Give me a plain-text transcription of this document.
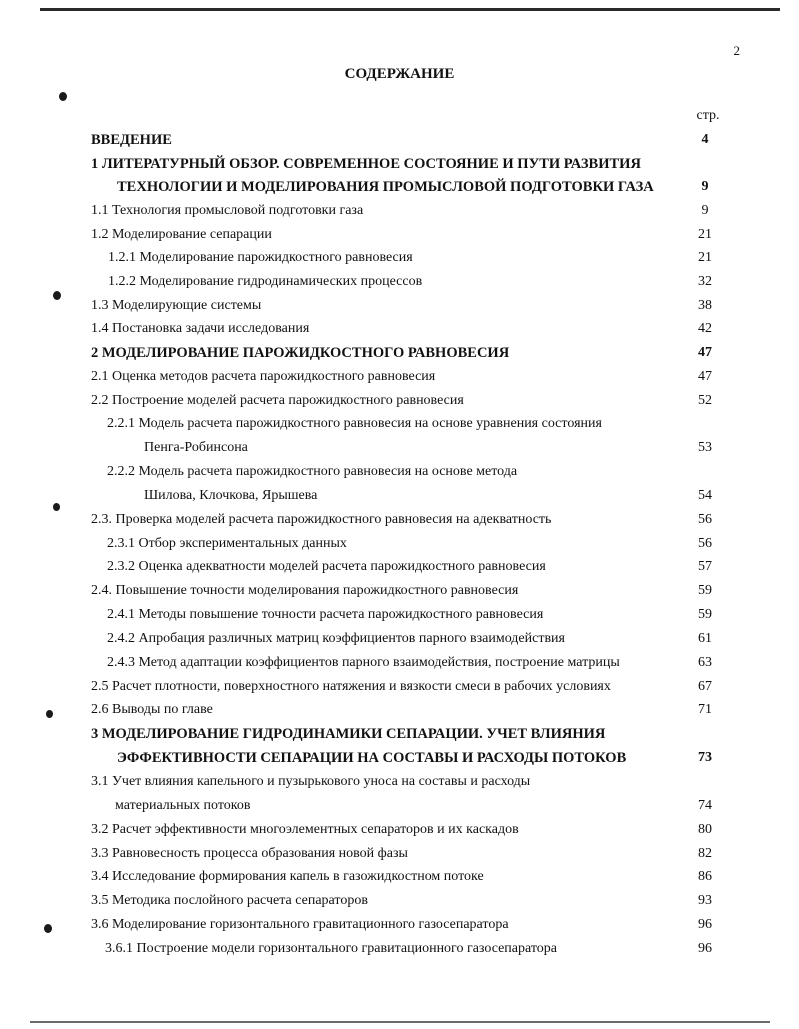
2
СОДЕРЖАНИЕ
стр.
ВВЕДЕНИЕ	4
1 ЛИТЕРАТУРНЫЙ ОБЗОР. СОВРЕМЕННОЕ СОСТОЯНИЕ И ПУТИ РАЗВИТИЯ
ТЕХНОЛОГИИ И МОДЕЛИРОВАНИЯ ПРОМЫСЛОВОЙ ПОДГОТОВКИ ГАЗА	9
1.1 Технология промысловой подготовки газа	9
1.2 Моделирование сепарации	21
1.2.1 Моделирование парожидкостного равновесия	21
1.2.2 Моделирование гидродинамических процессов	32
1.3 Моделирующие системы	38
1.4 Постановка задачи исследования	42
2 МОДЕЛИРОВАНИЕ ПАРОЖИДКОСТНОГО РАВНОВЕСИЯ	47
2.1 Оценка методов расчета парожидкостного равновесия	47
2.2 Построение моделей расчета парожидкостного равновесия	52
2.2.1 Модель расчета парожидкостного равновесия на основе уравнения состояния
Пенга-Робинсона	53
2.2.2 Модель расчета парожидкостного равновесия на основе метода
Шилова, Клочкова, Ярышева	54
2.3. Проверка моделей расчета парожидкостного равновесия на адекватность	56
2.3.1 Отбор экспериментальных данных	56
2.3.2 Оценка адекватности моделей расчета парожидкостного равновесия	57
2.4. Повышение точности моделирования парожидкостного равновесия	59
2.4.1 Методы повышение точности расчета парожидкостного равновесия	59
2.4.2 Апробация различных матриц коэффициентов парного взаимодействия	61
2.4.3 Метод адаптации коэффициентов парного взаимодействия, построение матрицы	63
2.5 Расчет плотности, поверхностного натяжения и вязкости смеси в рабочих условиях	67
2.6 Выводы по главе	71
3 МОДЕЛИРОВАНИЕ ГИДРОДИНАМИКИ СЕПАРАЦИИ. УЧЕТ ВЛИЯНИЯ
ЭФФЕКТИВНОСТИ СЕПАРАЦИИ НА СОСТАВЫ И РАСХОДЫ ПОТОКОВ	73
3.1 Учет влияния капельного и пузырькового уноса на составы и расходы
материальных потоков	74
3.2 Расчет эффективности многоэлементных сепараторов и их каскадов	80
3.3 Равновесность процесса образования новой фазы	82
3.4 Исследование формирования капель в газожидкостном потоке	86
3.5 Методика послойного расчета сепараторов	93
3.6 Моделирование горизонтального гравитационного газосепаратора	96
3.6.1 Построение модели горизонтального гравитационного газосепаратора	96
